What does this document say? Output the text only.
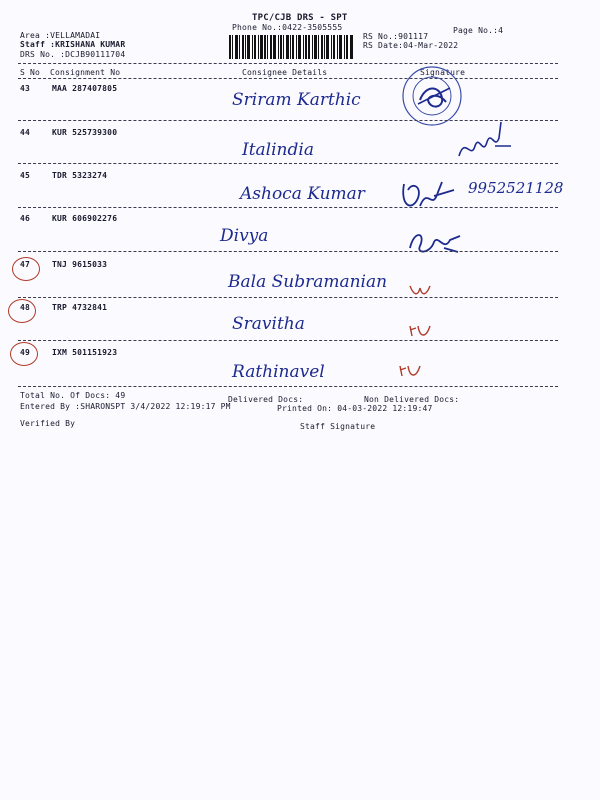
TPC/CJB DRS - SPT
Phone No.:0422-3505555	Page No.:4
Area :VELLAMADAI
Staff :KRISHANA KUMAR
DRS No. :DCJB90111704
RS No.:901117
RS Date:04-Mar-2022
S No Consignment No	Consignee Details	Signature
43	MAA 287407805
Sriram Karthic
44	KUR 525739300
Italindia
45	TDR 5323274
Ashoca Kumar	9952521128
46	KUR 606902276
Divya
47	TNJ 9615033
Bala Subramanian
48	TRP 4732841
Sravitha
49	IXM 501151923
Rathinavel
Total No. Of Docs: 49	Delivered Docs:	Non Delivered Docs:
Entered By :SHARONSPT 3/4/2022 12:19:17 PM	Printed On: 04-03-2022 12:19:47
Verified By	Staff Signature
